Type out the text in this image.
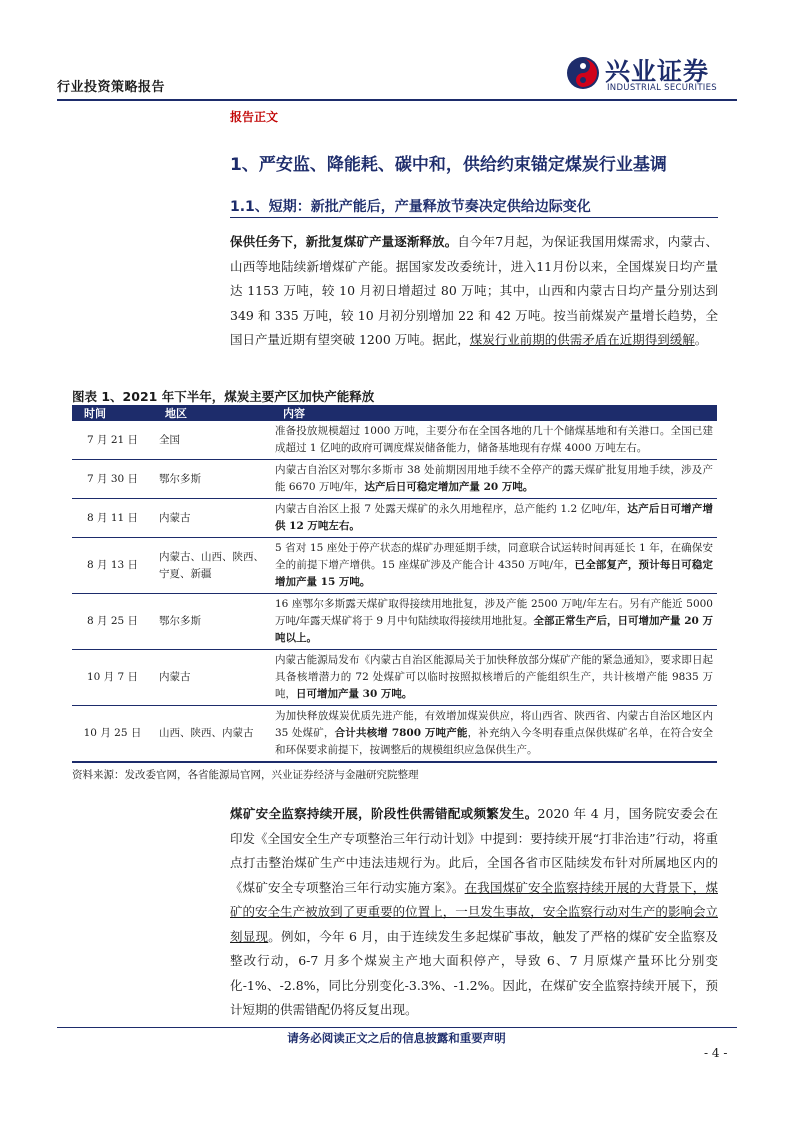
行业投资策略报告
兴业证券
INDUSTRIAL SECURITIES
报告正文
1、严安监、降能耗、碳中和，供给约束锚定煤炭行业基调
1.1、短期：新批产能后，产量释放节奏决定供给边际变化
保供任务下，新批复煤矿产量逐渐释放。自今年7月起，为保证我国用煤需求，内蒙古、山西等地陆续新增煤矿产能。据国家发改委统计，进入11月份以来，全国煤炭日均产量达 1153 万吨，较 10 月初日增超过 80 万吨；其中，山西和内蒙古日均产量分别达到 349 和 335 万吨，较 10 月初分别增加 22 和 42 万吨。按当前煤炭产量增长趋势，全国日产量近期有望突破 1200 万吨。据此，煤炭行业前期的供需矛盾在近期得到缓解。
图表 1、2021 年下半年，煤炭主要产区加快产能释放
时间	地区	内容
7 月 21 日	全国	准备投放规模超过 1000 万吨，主要分布在全国各地的几十个储煤基地和有关港口。全国已建成超过 1 亿吨的政府可调度煤炭储备能力，储备基地现有存煤 4000 万吨左右。
7 月 30 日	鄂尔多斯	内蒙古自治区对鄂尔多斯市 38 处前期因用地手续不全停产的露天煤矿批复用地手续，涉及产能 6670 万吨/年，达产后日可稳定增加产量 20 万吨。
8 月 11 日	内蒙古	内蒙古自治区上报 7 处露天煤矿的永久用地程序，总产能约 1.2 亿吨/年，达产后日可增产增供 12 万吨左右。
8 月 13 日	内蒙古、山西、陕西、宁夏、新疆	5 省对 15 座处于停产状态的煤矿办理延期手续，同意联合试运转时间再延长 1 年，在确保安全的前提下增产增供。15 座煤矿涉及产能合计 4350 万吨/年，已全部复产，预计每日可稳定增加产量 15 万吨。
8 月 25 日	鄂尔多斯	16 座鄂尔多斯露天煤矿取得接续用地批复，涉及产能 2500 万吨/年左右。另有产能近 5000 万吨/年露天煤矿将于 9 月中旬陆续取得接续用地批复。全部正常生产后，日可增加产量 20 万吨以上。
10 月 7 日	内蒙古	内蒙古能源局发布《内蒙古自治区能源局关于加快释放部分煤矿产能的紧急通知》，要求即日起具备核增潜力的 72 处煤矿可以临时按照拟核增后的产能组织生产，共计核增产能 9835 万吨，日可增加产量 30 万吨。
10 月 25 日	山西、陕西、内蒙古	为加快释放煤炭优质先进产能，有效增加煤炭供应，将山西省、陕西省、内蒙古自治区地区内 35 处煤矿，合计共核增 7800 万吨产能，补充纳入今冬明春重点保供煤矿名单，在符合安全和环保要求前提下，按调整后的规模组织应急保供生产。
资料来源：发改委官网，各省能源局官网，兴业证券经济与金融研究院整理
煤矿安全监察持续开展，阶段性供需错配或频繁发生。2020 年 4 月，国务院安委会在印发《全国安全生产专项整治三年行动计划》中提到：要持续开展“打非治违”行动，将重点打击整治煤矿生产中违法违规行为。此后，全国各省市区陆续发布针对所属地区内的《煤矿安全专项整治三年行动实施方案》。在我国煤矿安全监察持续开展的大背景下，煤矿的安全生产被放到了更重要的位置上，一旦发生事故，安全监察行动对生产的影响会立刻显现。例如，今年 6 月，由于连续发生多起煤矿事故，触发了严格的煤矿安全监察及整改行动，6-7 月多个煤炭主产地大面积停产，导致 6、7 月原煤产量环比分别变化-1%、-2.8%，同比分别变化-3.3%、-1.2%。因此，在煤矿安全监察持续开展下，预计短期的供需错配仍将反复出现。
请务必阅读正文之后的信息披露和重要声明
- 4 -
